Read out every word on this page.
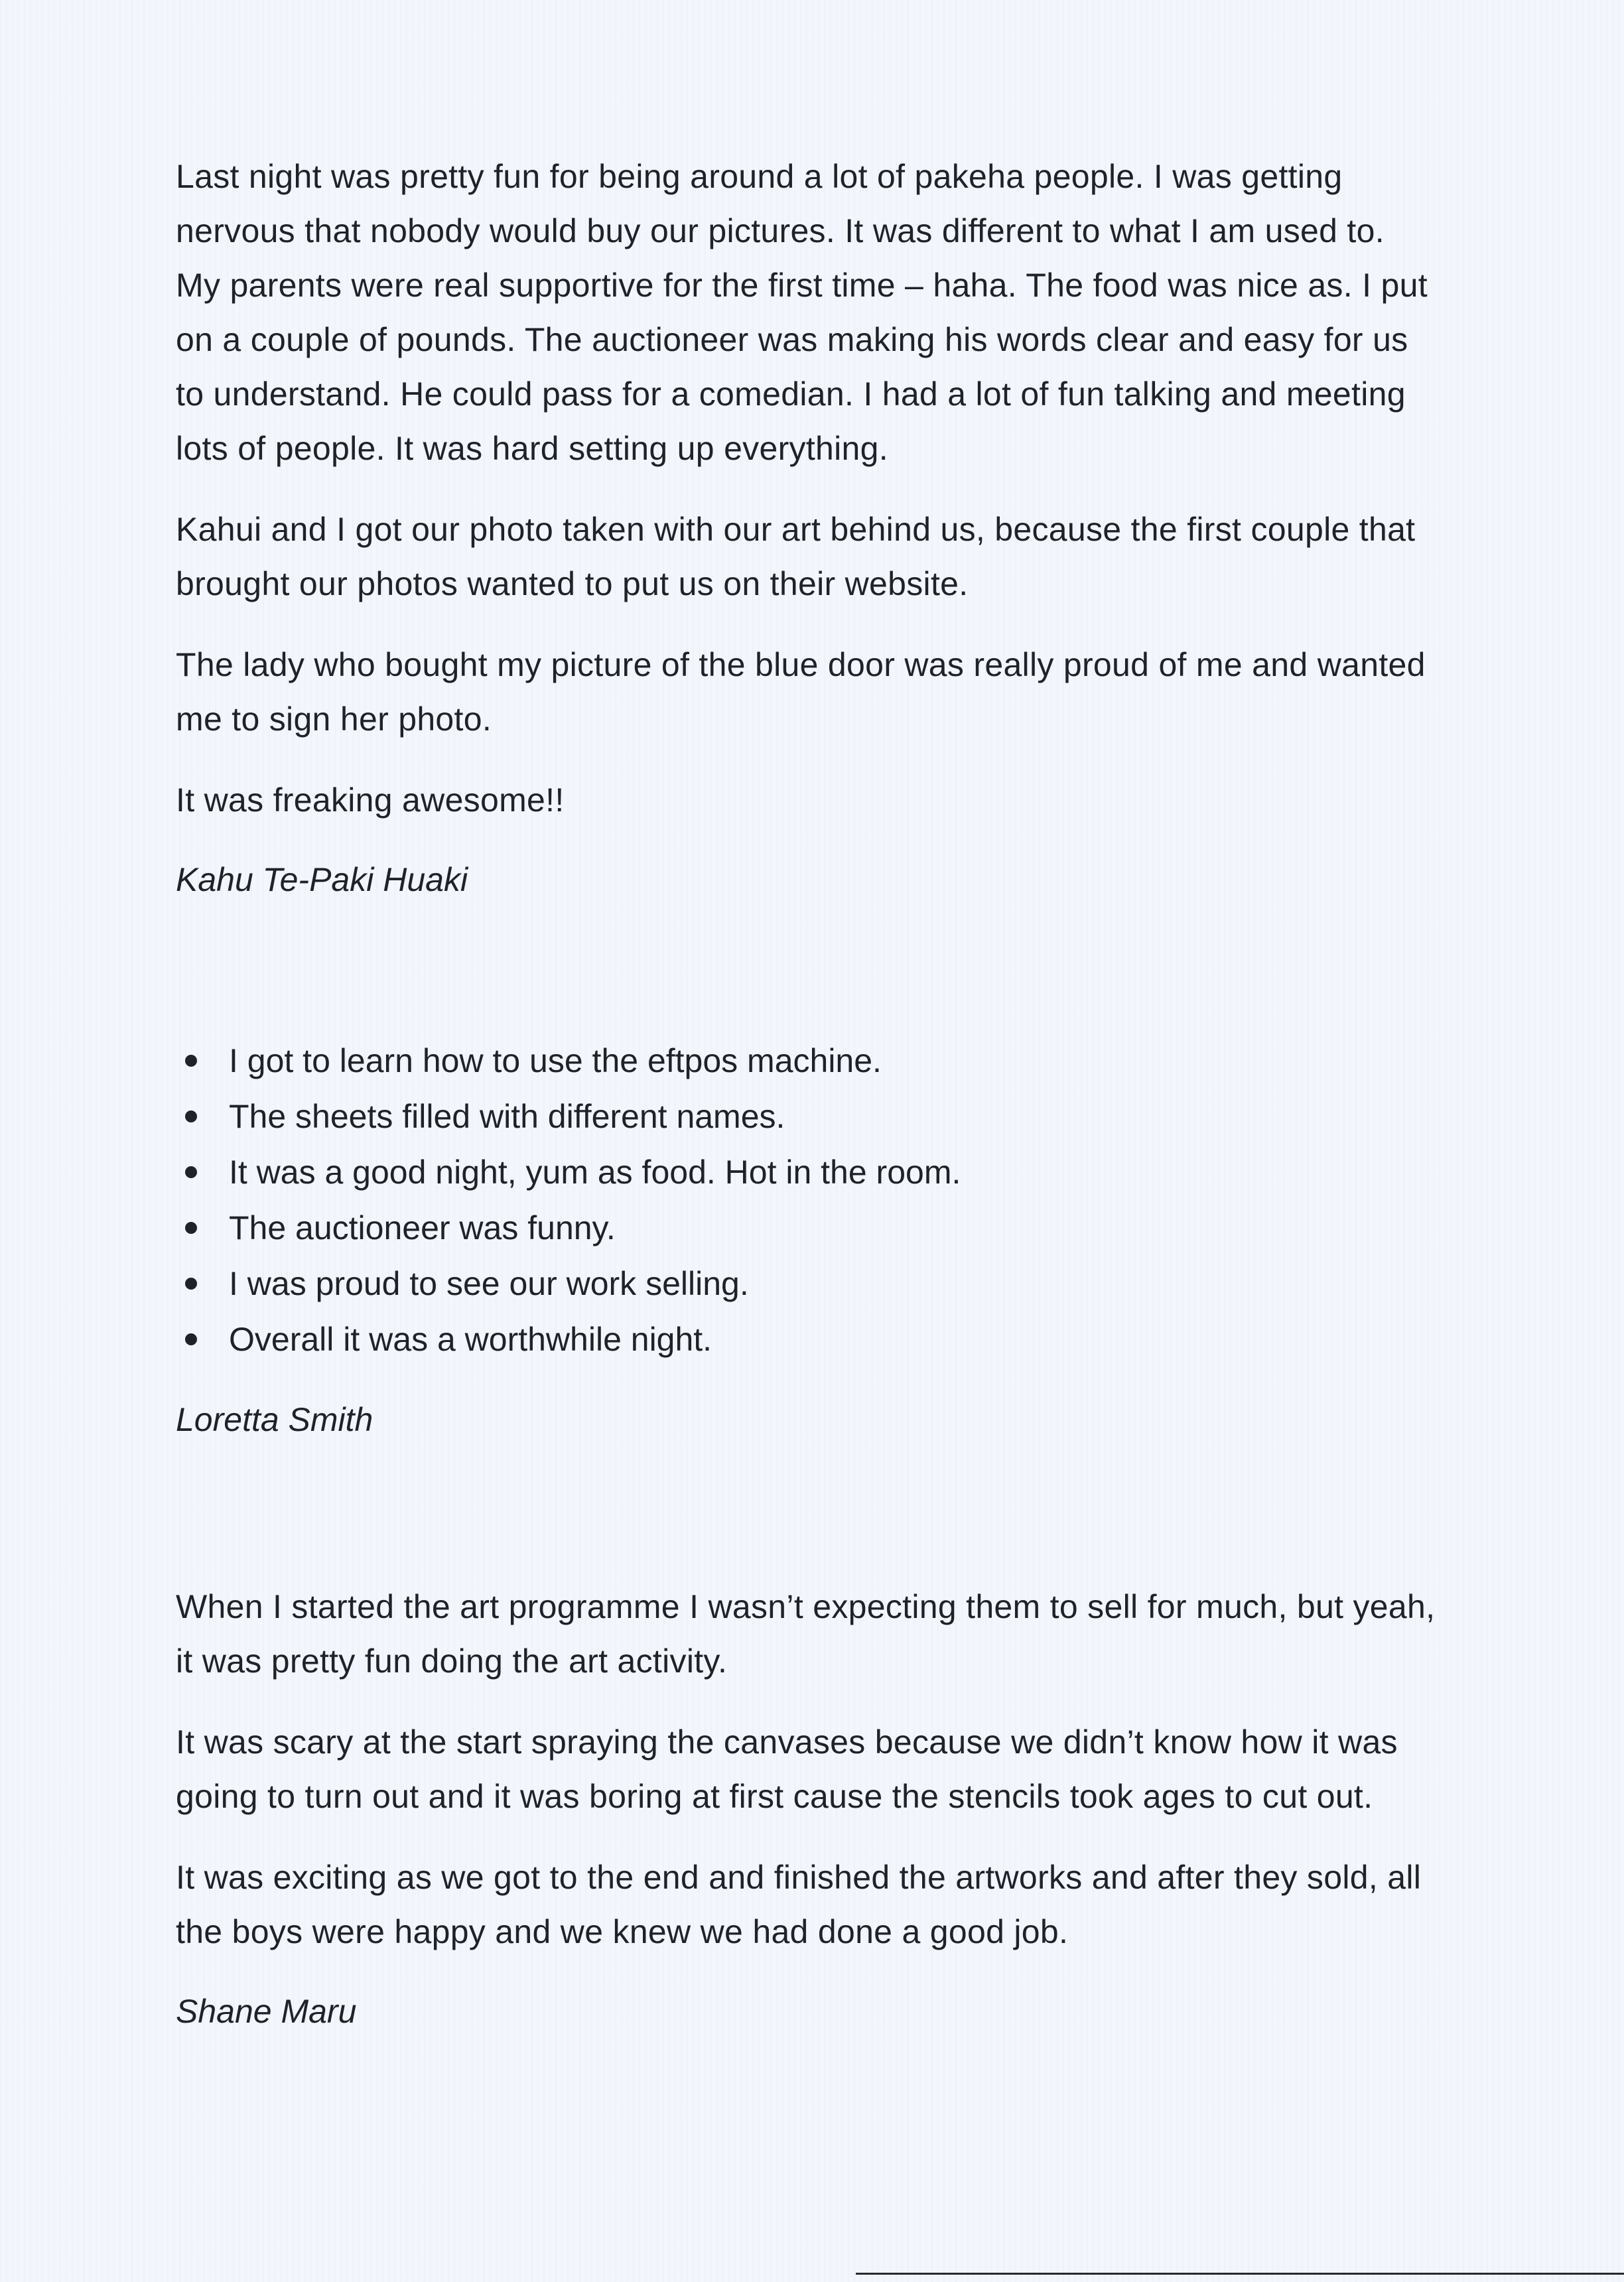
Last night was pretty fun for being around a lot of pakeha people. I was getting nervous that nobody would buy our pictures. It was different to what I am used to. My parents were real supportive for the first time – haha. The food was nice as. I put on a couple of pounds. The auctioneer was making his words clear and easy for us to understand. He could pass for a comedian. I had a lot of fun talking and meeting lots of people. It was hard setting up everything.

Kahui and I got our photo taken with our art behind us, because the first couple that brought our photos wanted to put us on their website.

The lady who bought my picture of the blue door was really proud of me and wanted me to sign her photo.

It was freaking awesome!!

Kahu Te-Paki Huaki
I got to learn how to use the eftpos machine.
The sheets filled with different names.
It was a good night, yum as food. Hot in the room.
The auctioneer was funny.
I was proud to see our work selling.
Overall it was a worthwhile night.
Loretta Smith

When I started the art programme I wasn’t expecting them to sell for much, but yeah, it was pretty fun doing the art activity.

It was scary at the start spraying the canvases because we didn’t know how it was going to turn out and it was boring at first cause the stencils took ages to cut out.

It was exciting as we got to the end and finished the artworks and after they sold, all the boys were happy and we knew we had done a good job.

Shane Maru
